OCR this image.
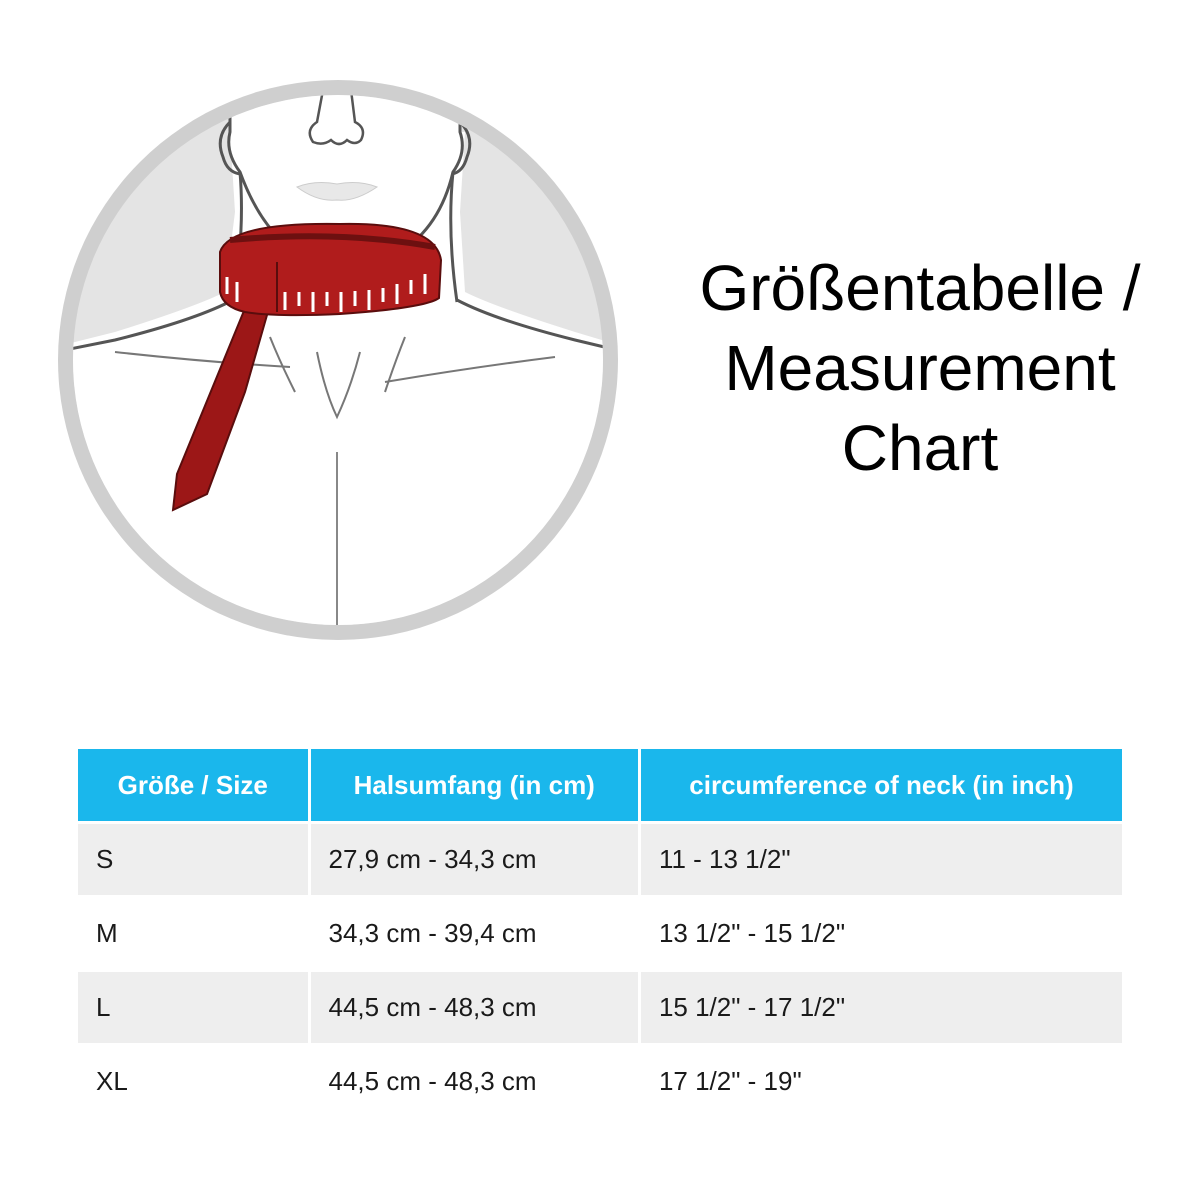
Größentabelle /
Measurement
Chart
Größe / Size	Halsumfang (in cm)	circumference of neck (in inch)
S	27,9 cm - 34,3 cm	11 - 13 1/2"
M	34,3 cm - 39,4 cm	13 1/2" - 15 1/2"
L	44,5 cm - 48,3 cm	15 1/2" - 17 1/2"
XL	44,5 cm - 48,3 cm	17 1/2" - 19"
